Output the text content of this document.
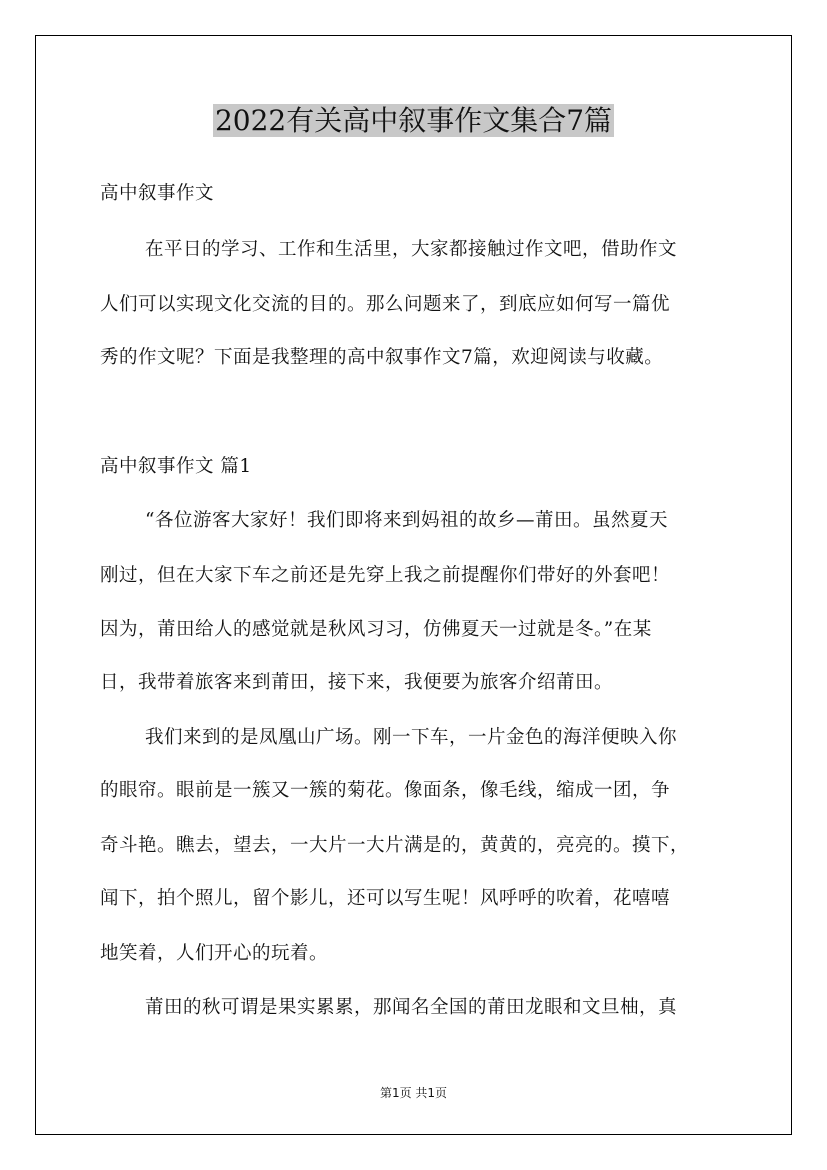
2022有关高中叙事作文集合7篇
高中叙事作文
在平日的学习、工作和生活里，大家都接触过作文吧，借助作文
人们可以实现文化交流的目的。那么问题来了，到底应如何写一篇优
秀的作文呢？下面是我整理的高中叙事作文7篇，欢迎阅读与收藏。
高中叙事作文 篇1
“各位游客大家好！我们即将来到妈祖的故乡—莆田。虽然夏天
刚过，但在大家下车之前还是先穿上我之前提醒你们带好的外套吧！
因为，莆田给人的感觉就是秋风习习，仿佛夏天一过就是冬。”在某
日，我带着旅客来到莆田，接下来，我便要为旅客介绍莆田。
我们来到的是凤凰山广场。刚一下车，一片金色的海洋便映入你
的眼帘。眼前是一簇又一簇的菊花。像面条，像毛线，缩成一团，争
奇斗艳。瞧去，望去，一大片一大片满是的，黄黄的，亮亮的。摸下，
闻下，拍个照儿，留个影儿，还可以写生呢！风呼呼的吹着，花嘻嘻
地笑着，人们开心的玩着。
莆田的秋可谓是果实累累，那闻名全国的莆田龙眼和文旦柚，真
第1页 共1页
